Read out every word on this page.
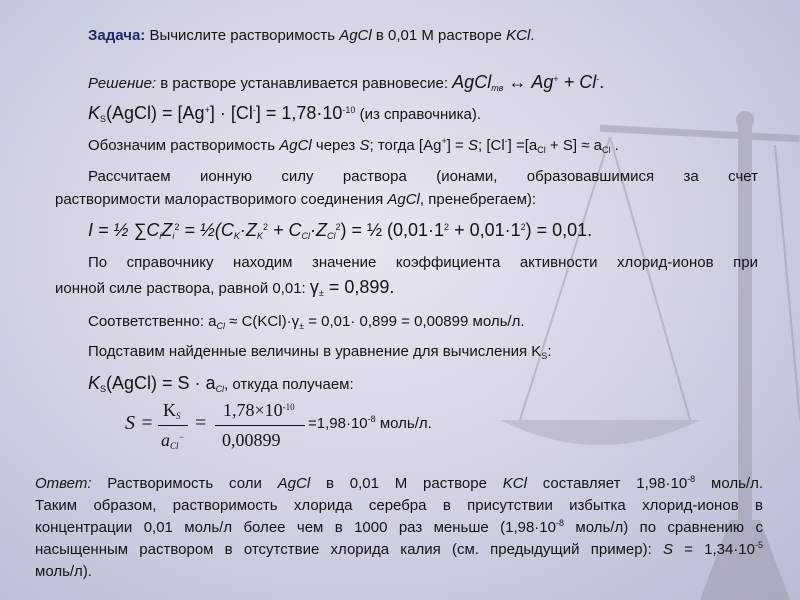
Задача: Вычислите растворимость AgCl в 0,01 М растворе KCl.
Решение: в растворе устанавливается равновесие: AgCl$_{тв}$ ↔ Ag+ + Cl-.
$K_S(AgCl) = [Ag^+] \cdot [Cl^-] = 1,78\cdot 10^{-10}$ (из справочника).
Обозначим растворимость AgCl через S; тогда [Ag+] = S; $[Cl^-] =[a_{Cl} + S] \approx a_{Cl}$ .
Рассчитаем ионную силу раствора (ионами, образовавшимися за счет
растворимости малорастворимого соединения AgCl, пренебрегаем):
I = ½ $\sum C_iZ_i^2$ = $\frac{1}{2}(C_K\cdot Z_K^2 + C_{Cl}\cdot Z_{Cl}^2)$ = ½ $(0,01\cdot 1^2 + 0,01\cdot 1^2) = 0,01$.
По справочнику находим значение коэффициента активности хлорид-ионов при
ионной силе раствора, равной 0,01: $\gamma_\pm = 0,899$.
Соответственно: $a_{Cl} \approx C(KCl)\cdot\gamma_\pm = 0,01\cdot 0,899 = 0,00899$ моль/л.
Подставим найденные величины в уравнение для вычисления $K_S$:
$K_S(AgCl) = S \cdot a_{Cl}$, откуда получаем:
S =
$K_S$
$a_{Cl}^-$
=
$1,78\times 10^{-10}$
0,00899
$=1,98\cdot 10^{-8}$ моль/л.
Ответ: Растворимость соли AgCl в 0,01 М растворе KCl составляет $1,98\cdot 10^{-8}$ моль/л.
Таким образом, растворимость хлорида серебра в присутствии избытка хлорид-ионов в
концентрации 0,01 моль/л более чем в 1000 раз меньше ($1,98\cdot 10^{-8}$ моль/л) по сравнению с
насыщенным раствором в отсутствие хлорида калия (см. предыдущий пример): $S = 1,34\cdot 10^{-5}$
моль/л).
